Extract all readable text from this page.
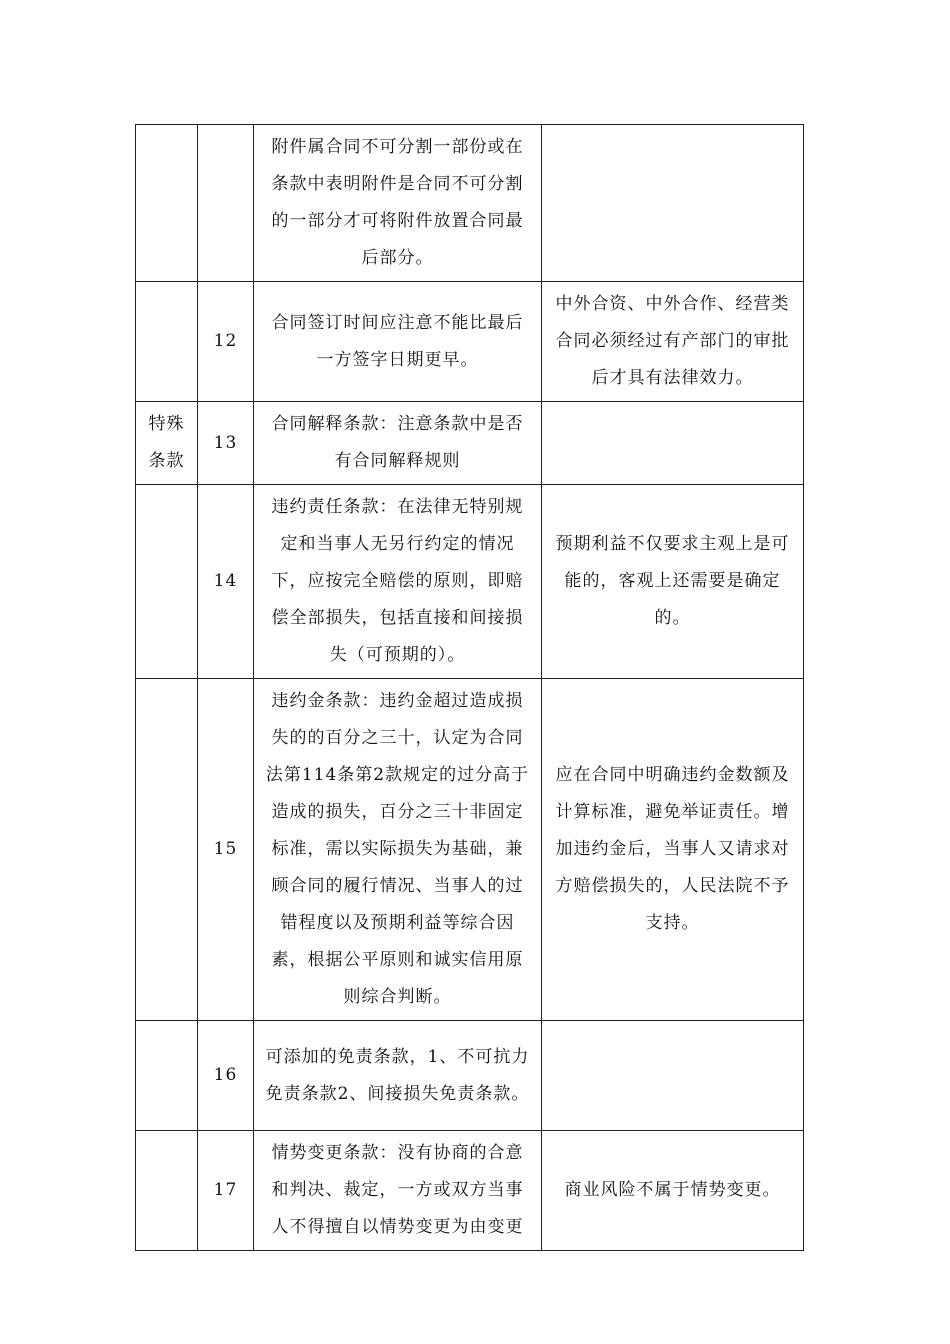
		附件属合同不可分割一部份或在条款中表明附件是合同不可分割的一部分才可将附件放置合同最后部分。	
	12	合同签订时间应注意不能比最后一方签字日期更早。	中外合资、中外合作、经营类合同必须经过有产部门的审批后才具有法律效力。
特殊条款	13	合同解释条款：注意条款中是否有合同解释规则	
	14	违约责任条款：在法律无特别规定和当事人无另行约定的情况下，应按完全赔偿的原则，即赔偿全部损失，包括直接和间接损失（可预期的）。	预期利益不仅要求主观上是可能的，客观上还需要是确定的。
	15	违约金条款：违约金超过造成损失的的百分之三十，认定为合同法第114条第2款规定的过分高于造成的损失，百分之三十非固定标准，需以实际损失为基础，兼顾合同的履行情况、当事人的过错程度以及预期利益等综合因素，根据公平原则和诚实信用原则综合判断。	应在合同中明确违约金数额及计算标准，避免举证责任。增加违约金后，当事人又请求对方赔偿损失的，人民法院不予支持。
	16	可添加的免责条款，1、不可抗力免责条款2、间接损失免责条款。	
	17	情势变更条款：没有协商的合意和判决、裁定，一方或双方当事人不得擅自以情势变更为由变更	商业风险不属于情势变更。
